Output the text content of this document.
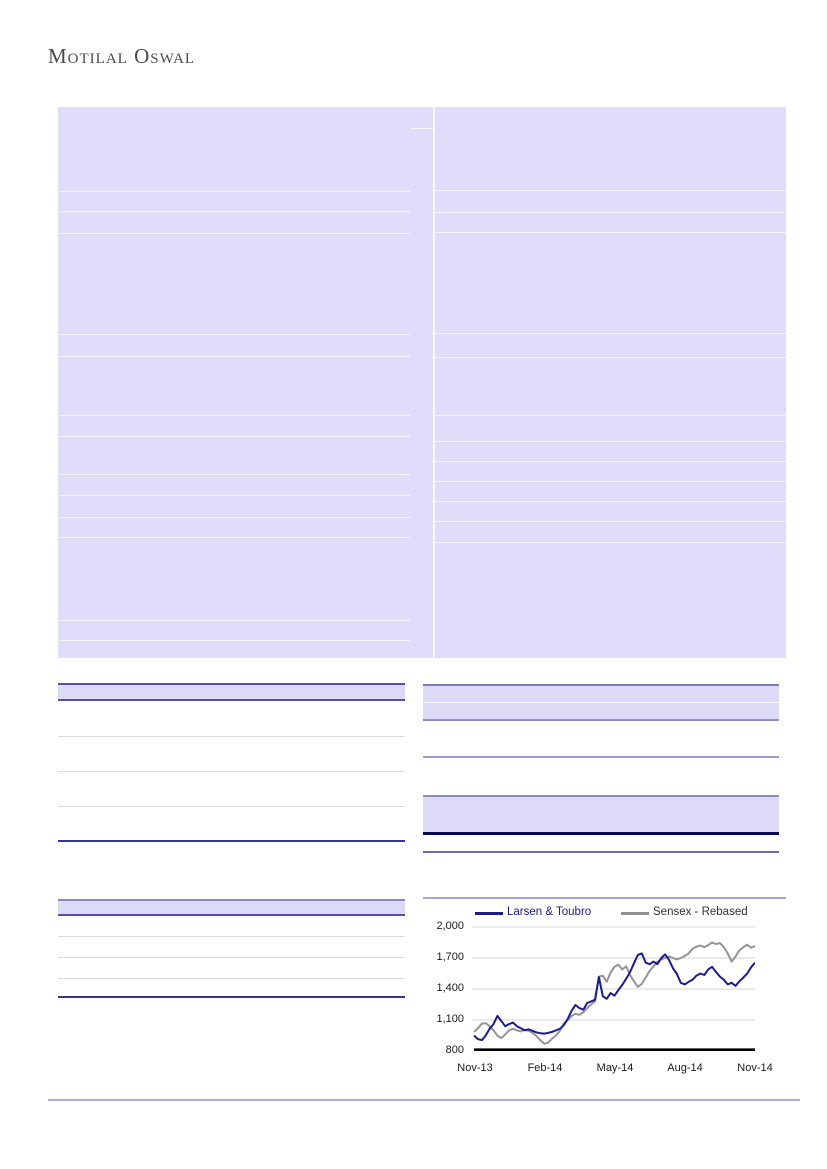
Motilal Oswal
Larsen & Toubro	Sensex - Rebased
2,000
1,700
1,400
1,100
800
Nov-13	Feb-14	May-14	Aug-14	Nov-14
